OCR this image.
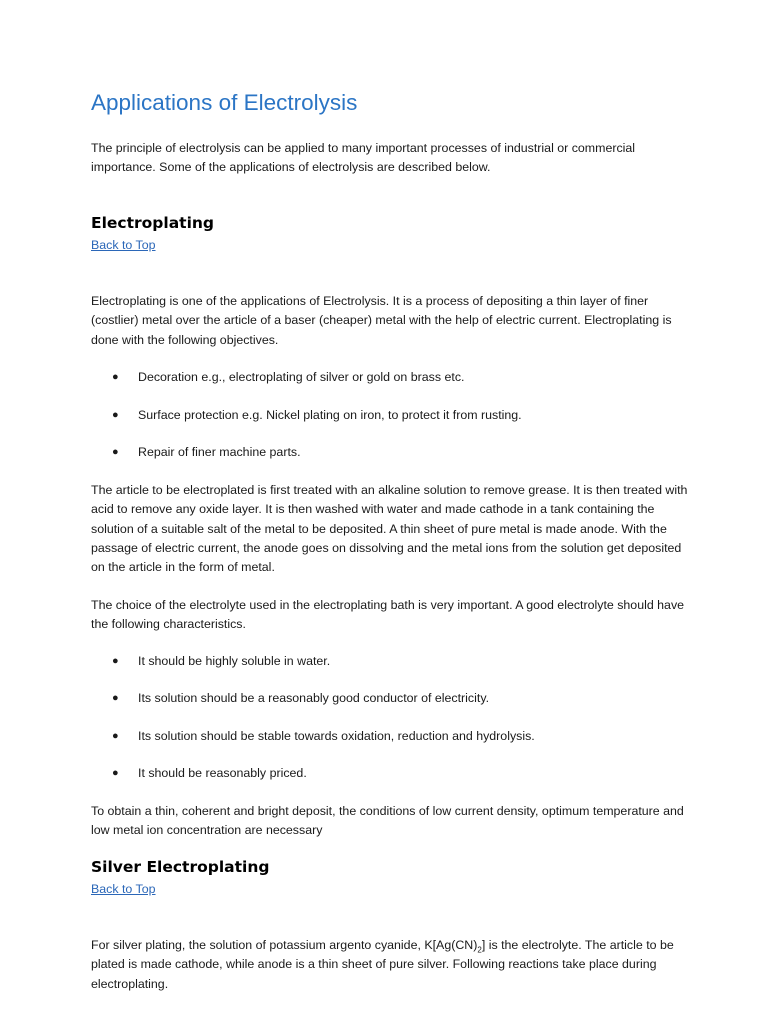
Applications of Electrolysis

The principle of electrolysis can be applied to many important processes of industrial or commercial importance. Some of the applications of electrolysis are described below.

Electroplating
Back to Top

Electroplating is one of the applications of Electrolysis. It is a process of depositing a thin layer of finer (costlier) metal over the article of a baser (cheaper) metal with the help of electric current. Electroplating is done with the following objectives.

● Decoration e.g., electroplating of silver or gold on brass etc.
● Surface protection e.g. Nickel plating on iron, to protect it from rusting.
● Repair of finer machine parts.

The article to be electroplated is first treated with an alkaline solution to remove grease. It is then treated with acid to remove any oxide layer. It is then washed with water and made cathode in a tank containing the solution of a suitable salt of the metal to be deposited. A thin sheet of pure metal is made anode. With the passage of electric current, the anode goes on dissolving and the metal ions from the solution get deposited on the article in the form of metal.

The choice of the electrolyte used in the electroplating bath is very important. A good electrolyte should have the following characteristics.

● It should be highly soluble in water.
● Its solution should be a reasonably good conductor of electricity.
● Its solution should be stable towards oxidation, reduction and hydrolysis.
● It should be reasonably priced.

To obtain a thin, coherent and bright deposit, the conditions of low current density, optimum temperature and low metal ion concentration are necessary

Silver Electroplating
Back to Top

For silver plating, the solution of potassium argento cyanide, $K[Ag(CN)_2]$ is the electrolyte. The article to be plated is made cathode, while anode is a thin sheet of pure silver. Following reactions take place during electroplating.
